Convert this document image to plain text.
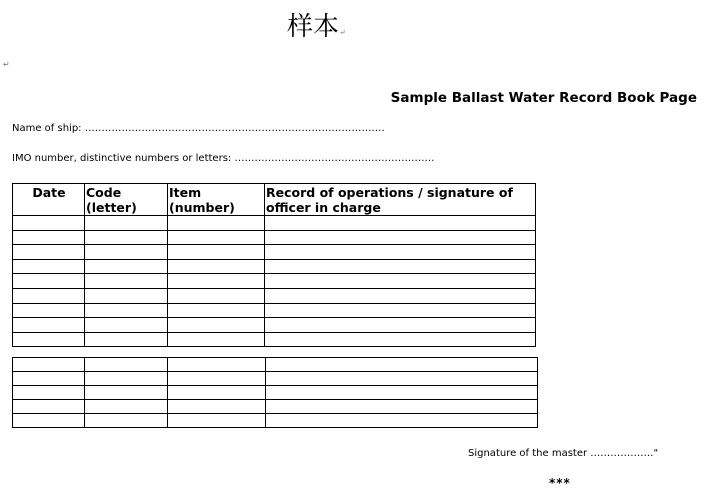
样本↵
↵
Sample Ballast Water Record Book Page
Name of ship: ………………………………………………………………………………
IMO number, distinctive numbers or letters: ……………………………………………………
Date	Code (letter)	Item (number)	Record of operations / signature of officer in charge

Signature of the master ………………."
***
